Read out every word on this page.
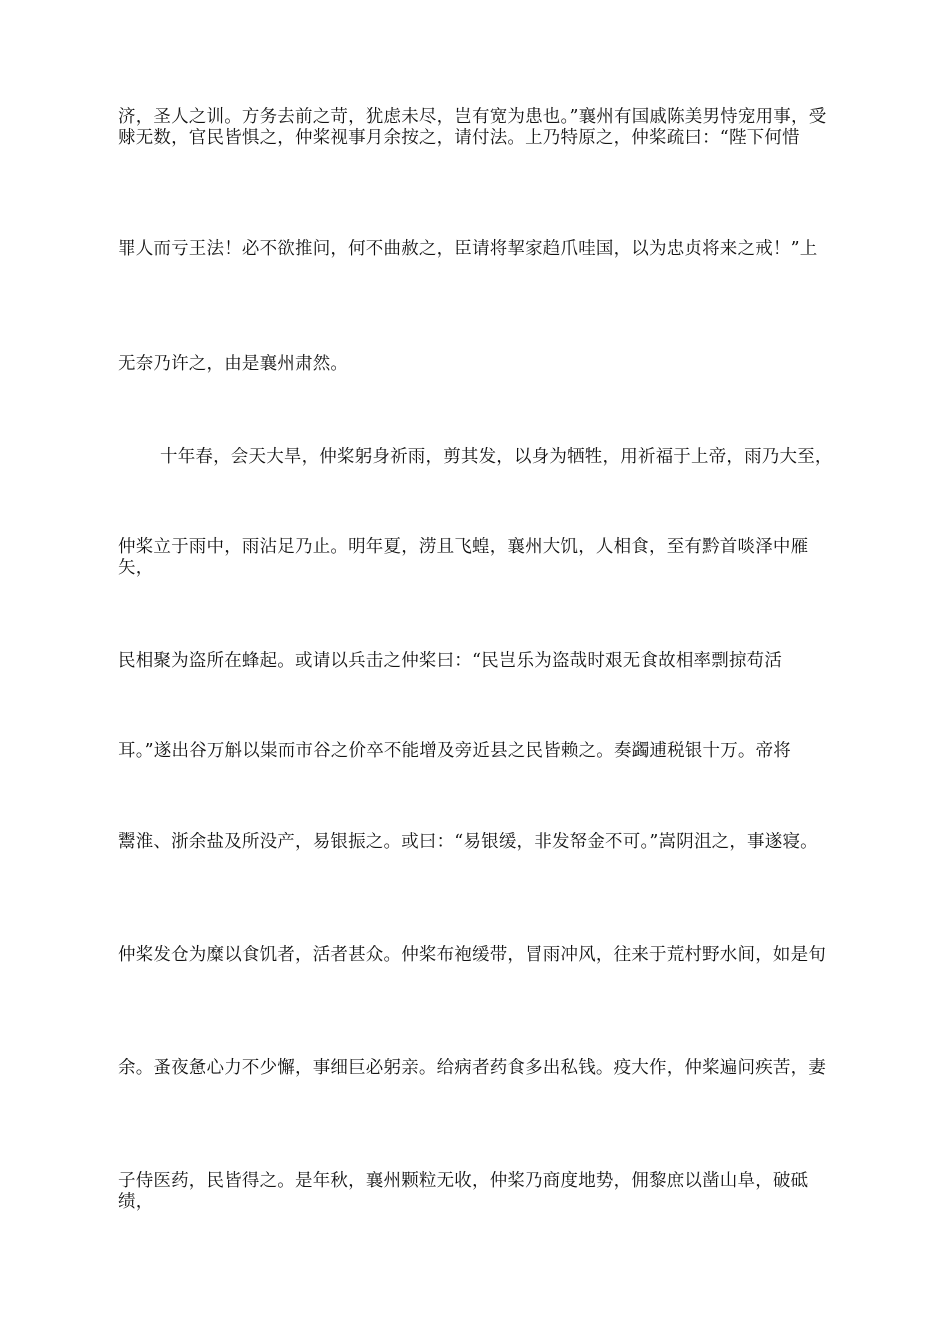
济，圣人之训。方务去前之苛，犹虑未尽，岂有宽为患也。”襄州有国戚陈美男恃宠用事，受赇无数，官民皆惧之，仲桨视事月余按之，请付法。上乃特原之，仲桨疏曰：“陛下何惜

罪人而亏王法！必不欲推问，何不曲赦之，臣请将挈家趋爪哇国，以为忠贞将来之戒！”上

无奈乃许之，由是襄州肃然。

十年春，会天大旱，仲桨躬身祈雨，剪其发，以身为牺牲，用祈福于上帝，雨乃大至，

仲桨立于雨中，雨沾足乃止。明年夏，涝且飞蝗，襄州大饥，人相食，至有黔首啖泽中雁矢，

民相聚为盗所在蜂起。或请以兵击之仲桨曰：“民岂乐为盗哉时艰无食故相率剽掠苟活

耳。”遂出谷万斛以粜而市谷之价卒不能增及旁近县之民皆赖之。奏蠲逋税银十万。帝将

鬻淮、浙余盐及所没产，易银振之。或曰：“易银缓，非发帑金不可。”嵩阴沮之，事遂寝。

仲桨发仓为糜以食饥者，活者甚众。仲桨布袍缓带，冒雨冲风，往来于荒村野水间，如是旬

余。蚤夜惫心力不少懈，事细巨必躬亲。给病者药食多出私钱。疫大作，仲桨遍问疾苦，妻

子侍医药，民皆得之。是年秋，襄州颗粒无收，仲桨乃商度地势，佣黎庶以凿山阜，破砥绩，
